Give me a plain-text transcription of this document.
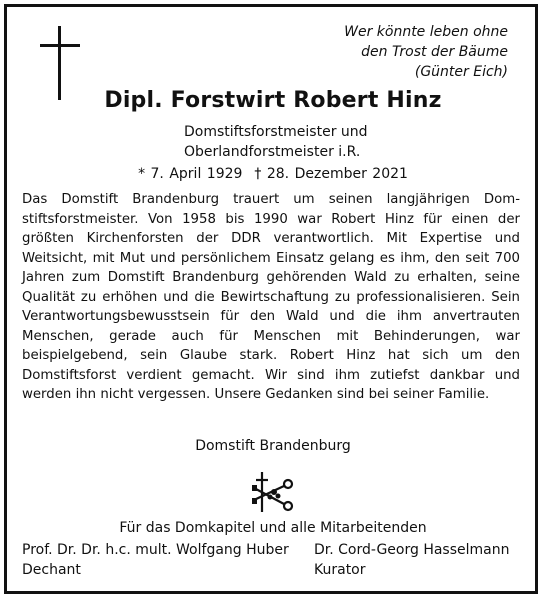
Wer könnte leben ohne
den Trost der Bäume
(Günter Eich)
Dipl. Forstwirt Robert Hinz
Domstiftsforstmeister und
Oberlandforstmeister i.R.
* 7. April 1929 † 28. Dezember 2021

Das Domstift Brandenburg trauert um seinen langjährigen Domstiftsforstmeister. Von 1958 bis 1990 war Robert Hinz für einen der größten Kirchenforsten der DDR verantwortlich. Mit Expertise und Weitsicht, mit Mut und persönlichem Einsatz gelang es ihm, den seit 700 Jahren zum Domstift Brandenburg gehörenden Wald zu erhalten, seine Qualität zu erhöhen und die Bewirtschaftung zu professionalisieren. Sein Verantwortungsbewusstsein für den Wald und die ihm anvertrauten Menschen, gerade auch für Menschen mit Behinderungen, war beispielgebend, sein Glaube stark. Robert Hinz hat sich um den Domstiftsforst verdient gemacht. Wir sind ihm zutiefst dankbar und werden ihn nicht vergessen. Unsere Gedanken sind bei seiner Familie.

Domstift Brandenburg
Für das Domkapitel und alle Mitarbeitenden
Prof. Dr. Dr. h.c. mult. Wolfgang Huber
Dechant
Dr. Cord-Georg Hasselmann
Kurator
